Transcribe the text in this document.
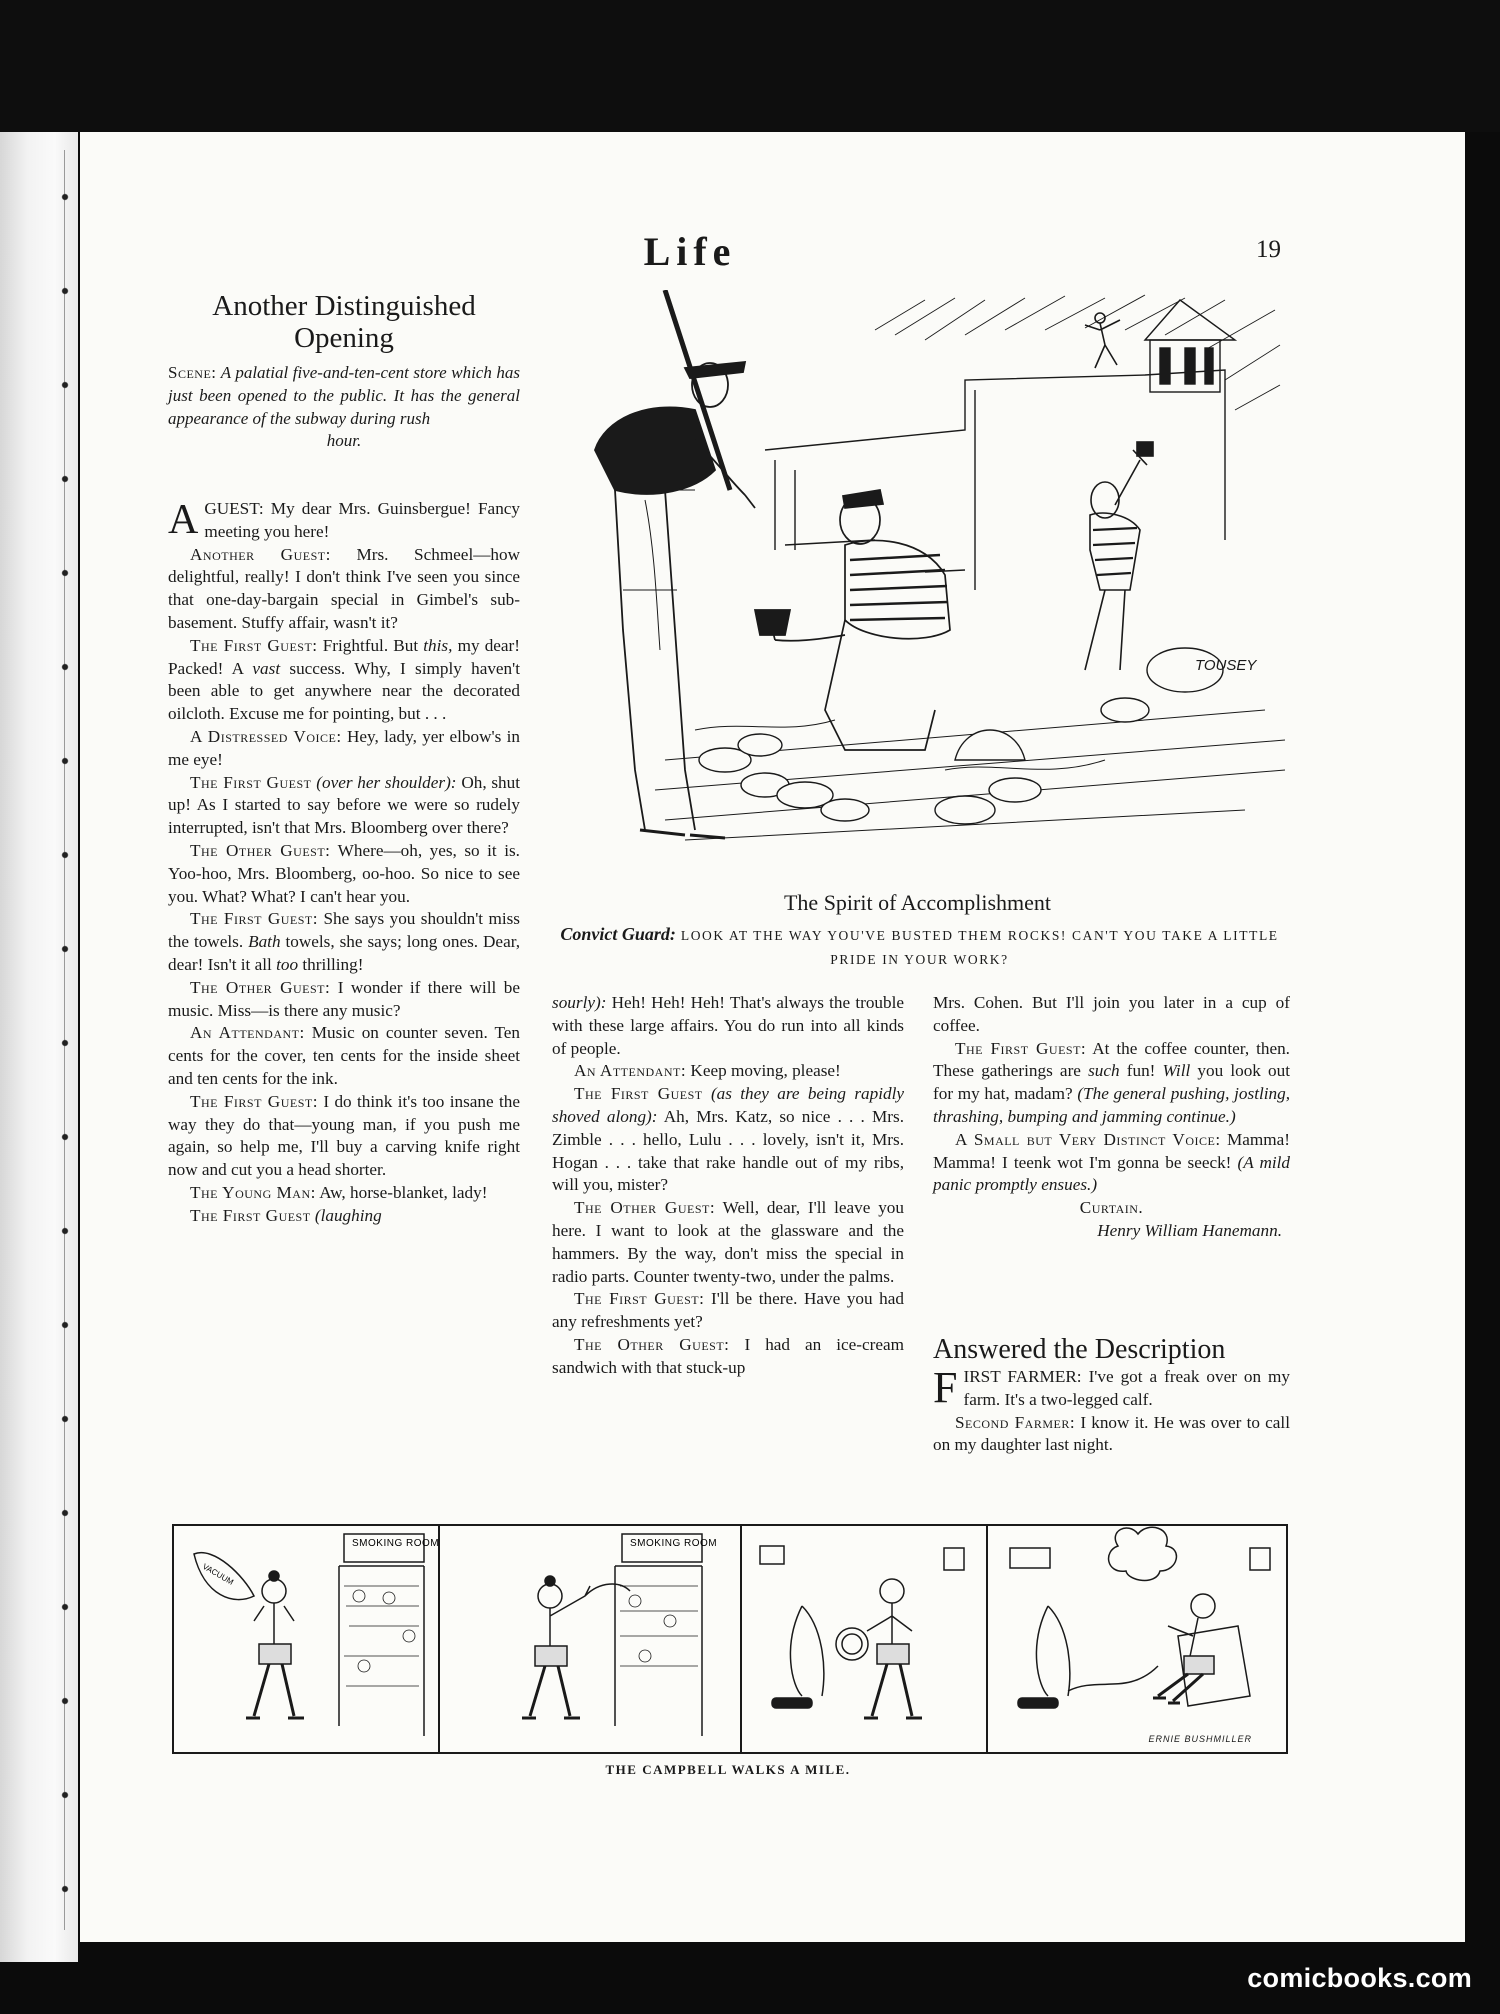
Life	19
Another Distinguished Opening
Scene: A palatial five-and-ten-cent store which has just been opened to the public. It has the general appearance of the subway during rush
hour.

AGUEST: My dear Mrs. Guinsbergue! Fancy meeting you here!

Another Guest: Mrs. Schmeel—how delightful, really! I don't think I've seen you since that one-day-bargain special in Gimbel's sub-basement. Stuffy affair, wasn't it?

The First Guest: Frightful. But this, my dear! Packed! A vast success. Why, I simply haven't been able to get anywhere near the decorated oilcloth. Excuse me for pointing, but . . .

A Distressed Voice: Hey, lady, yer elbow's in me eye!

The First Guest (over her shoulder): Oh, shut up! As I started to say before we were so rudely interrupted, isn't that Mrs. Bloomberg over there?

The Other Guest: Where—oh, yes, so it is. Yoo-hoo, Mrs. Bloomberg, oo-hoo. So nice to see you. What? What? I can't hear you.

The First Guest: She says you shouldn't miss the towels. Bath towels, she says; long ones. Dear, dear! Isn't it all too thrilling!

The Other Guest: I wonder if there will be music. Miss—is there any music?

An Attendant: Music on counter seven. Ten cents for the cover, ten cents for the inside sheet and ten cents for the ink.

The First Guest: I do think it's too insane the way they do that—young man, if you push me again, so help me, I'll buy a carving knife right now and cut you a head shorter.

The Young Man: Aw, horse-blanket, lady!

The First Guest (laughing

TOUSEY
The Spirit of Accomplishment
Convict Guard: LOOK AT THE WAY YOU'VE BUSTED THEM ROCKS! CAN'T YOU TAKE A LITTLE PRIDE IN YOUR WORK?

sourly): Heh! Heh! Heh! That's always the trouble with these large affairs. You do run into all kinds of people.

An Attendant: Keep moving, please!

The First Guest (as they are being rapidly shoved along): Ah, Mrs. Katz, so nice . . . Mrs. Zimble . . . hello, Lulu . . . lovely, isn't it, Mrs. Hogan . . . take that rake handle out of my ribs, will you, mister?

The Other Guest: Well, dear, I'll leave you here. I want to look at the glassware and the hammers. By the way, don't miss the special in radio parts. Counter twenty-two, under the palms.

The First Guest: I'll be there. Have you had any refreshments yet?

The Other Guest: I had an ice-cream sandwich with that stuck-up

Mrs. Cohen. But I'll join you later in a cup of coffee.

The First Guest: At the coffee counter, then. These gatherings are such fun! Will you look out for my hat, madam? (The general pushing, jostling, thrashing, bumping and jamming continue.)

A Small but Very Distinct Voice: Mamma! Mamma! I teenk wot I'm gonna be seeck! (A mild panic promptly ensues.)

Curtain.

Henry William Hanemann.

Answered the Description

FIRST FARMER: I've got a freak over on my farm. It's a two-legged calf.

Second Farmer: I know it. He was over to call on my daughter last night.

SMOKING ROOM
VACUUM
SMOKING ROOM
ERNIE BUSHMILLER
THE CAMPBELL WALKS A MILE.
comicbooks.com
